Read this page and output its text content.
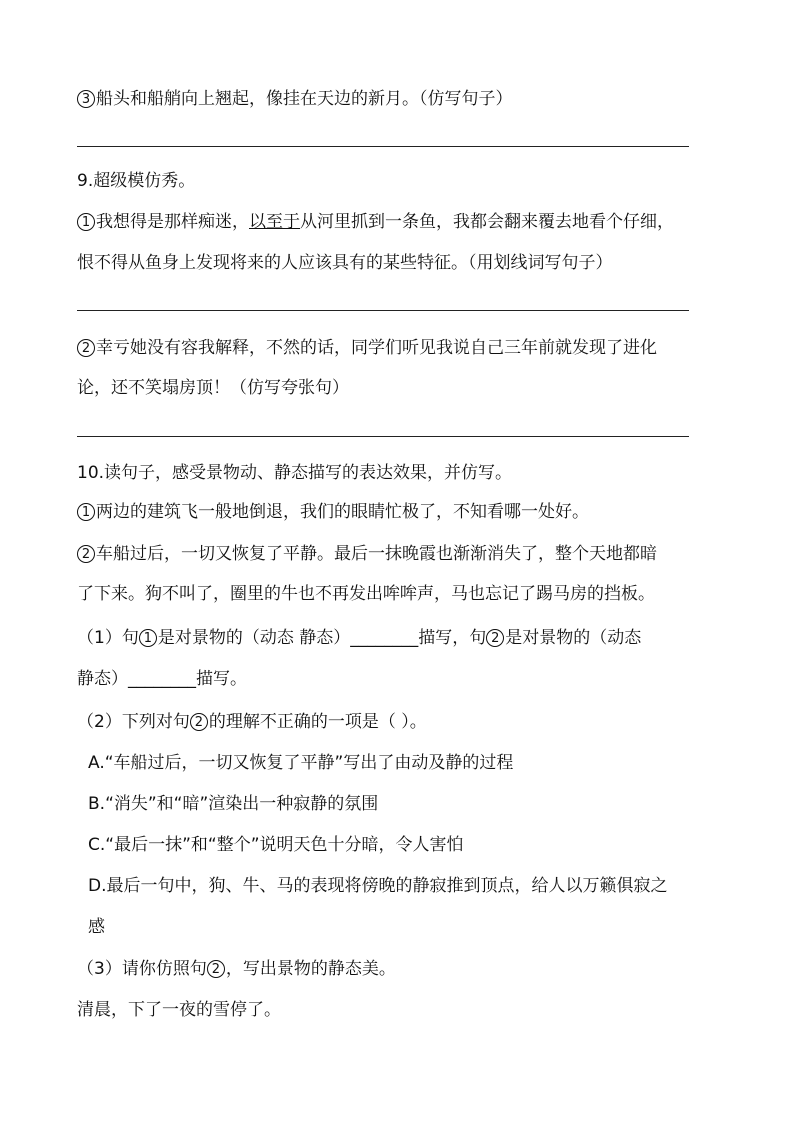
3 船头和船艄向上翘起，像挂在天边的新月。（仿写句子）
9.超级模仿秀。
1 我想得是那样痴迷，以至于从河里抓到一条鱼，我都会翻来覆去地看个仔细，
恨不得从鱼身上发现将来的人应该具有的某些特征。（用划线词写句子）
2 幸亏她没有容我解释，不然的话，同学们听见我说自己三年前就发现了进化
论，还不笑塌房顶！（仿写夸张句）
10.读句子，感受景物动、静态描写的表达效果，并仿写。
1 两边的建筑飞一般地倒退，我们的眼睛忙极了，不知看哪一处好。
2 车船过后，一切又恢复了平静。最后一抹晚霞也渐渐消失了，整个天地都暗
了下来。狗不叫了，圈里的牛也不再发出哞哞声，马也忘记了踢马房的挡板。
（1）句 1 是对景物的（动态 静态）________描写，句 2 是对景物的（动态
静态）________描写。
（2）下列对句 2 的理解不正确的一项是（ ）。
A.“车船过后，一切又恢复了平静”写出了由动及静的过程
B.“消失”和“暗”渲染出一种寂静的氛围
C.“最后一抹”和“整个”说明天色十分暗，令人害怕
D.最后一句中，狗、牛、马的表现将傍晚的静寂推到顶点，给人以万籁俱寂之
感
（3）请你仿照句 2 ，写出景物的静态美。
清晨，下了一夜的雪停了。
